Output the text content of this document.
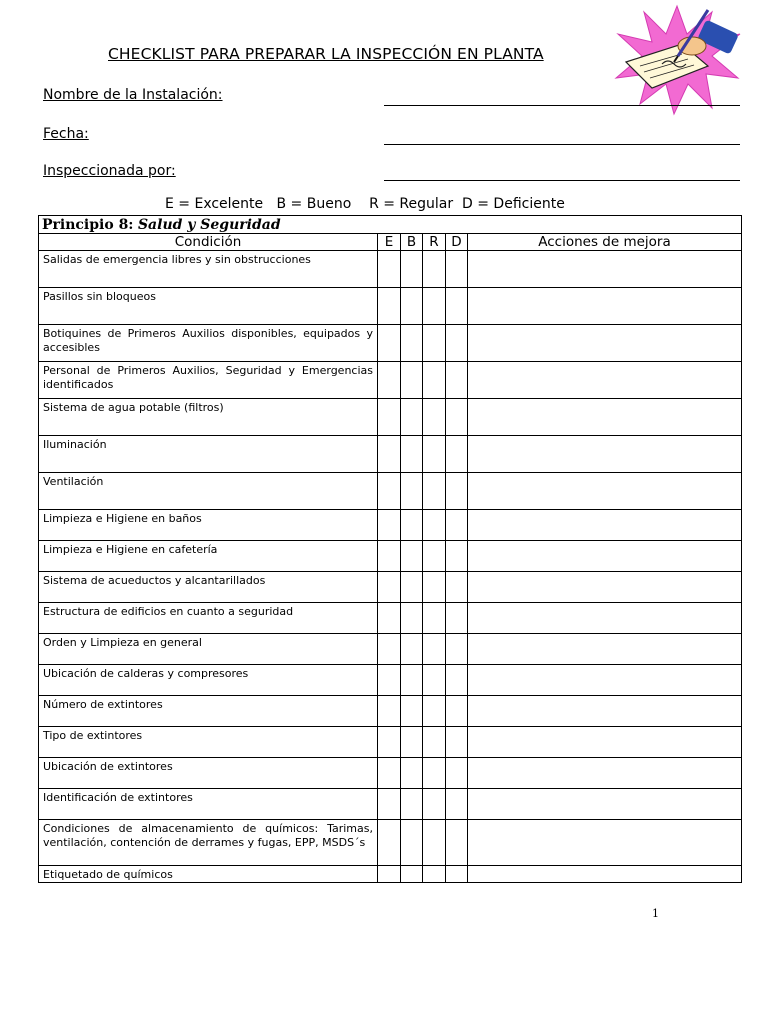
CHECKLIST PARA PREPARAR LA INSPECCIÓN EN PLANTA
Nombre de la Instalación:
Fecha:
Inspeccionada por:
E = Excelente   B = Bueno    R = Regular  D = Deficiente
Principio 8: Salud y Seguridad					
Condición	E	B	R	D	Acciones de mejora
Salidas de emergencia libres y sin obstrucciones					
Pasillos sin bloqueos					
Botiquines de Primeros Auxilios disponibles, equipados y accesibles					
Personal de Primeros Auxilios, Seguridad y Emergencias identificados					
Sistema de agua potable (filtros)					
Iluminación					
Ventilación					
Limpieza e Higiene en baños					
Limpieza e Higiene en cafetería					
Sistema de acueductos y alcantarillados					
Estructura de edificios en cuanto a seguridad					
Orden y Limpieza en general					
Ubicación de calderas y compresores					
Número de extintores					
Tipo de extintores					
Ubicación de extintores					
Identificación de extintores					
Condiciones de almacenamiento de químicos: Tarimas, ventilación, contención de derrames y fugas, EPP, MSDS´s					
Etiquetado de químicos					
1
